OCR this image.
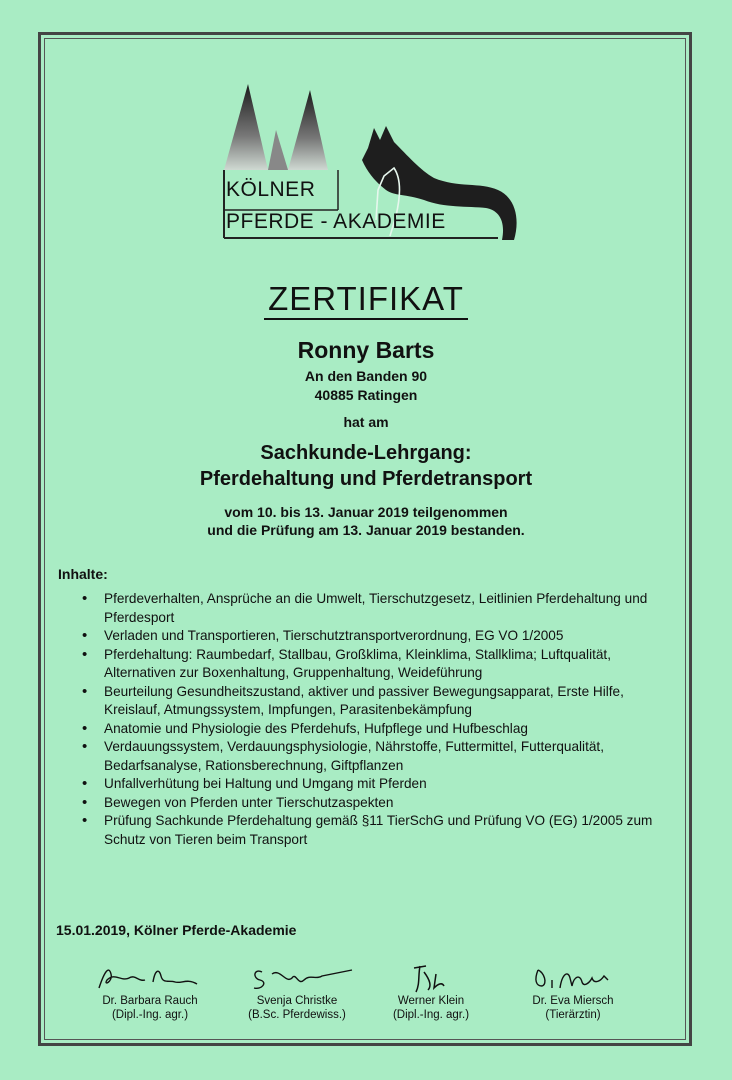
KÖLNER
PFERDE - AKADEMIE
ZERTIFIKAT
Ronny Barts
An den Banden 90
40885 Ratingen
hat am
Sachkunde-Lehrgang:
Pferdehaltung und Pferdetransport
vom 10. bis 13. Januar 2019 teilgenommen
und die Prüfung am 13. Januar 2019 bestanden.
Inhalte:
• Pferdeverhalten, Ansprüche an die Umwelt, Tierschutzgesetz, Leitlinien Pferdehaltung und Pferdesport
• Verladen und Transportieren, Tierschutztransportverordnung, EG VO 1/2005
• Pferdehaltung: Raumbedarf, Stallbau, Großklima, Kleinklima, Stallklima; Luftqualität, Alternativen zur Boxenhaltung, Gruppenhaltung, Weideführung
• Beurteilung Gesundheitszustand, aktiver und passiver Bewegungsapparat, Erste Hilfe, Kreislauf, Atmungssystem, Impfungen, Parasitenbekämpfung
• Anatomie und Physiologie des Pferdehufs, Hufpflege und Hufbeschlag
• Verdauungssystem, Verdauungsphysiologie, Nährstoffe, Futtermittel, Futterqualität, Bedarfsanalyse, Rationsberechnung, Giftpflanzen
• Unfallverhütung bei Haltung und Umgang mit Pferden
• Bewegen von Pferden unter Tierschutzaspekten
• Prüfung Sachkunde Pferdehaltung gemäß §11 TierSchG und Prüfung VO (EG) 1/2005 zum Schutz von Tieren beim Transport
15.01.2019, Kölner Pferde-Akademie
Dr. Barbara Rauch
(Dipl.-Ing. agr.)
Svenja Christke
(B.Sc. Pferdewiss.)
Werner Klein
(Dipl.-Ing. agr.)
Dr. Eva Miersch
(Tierärztin)
